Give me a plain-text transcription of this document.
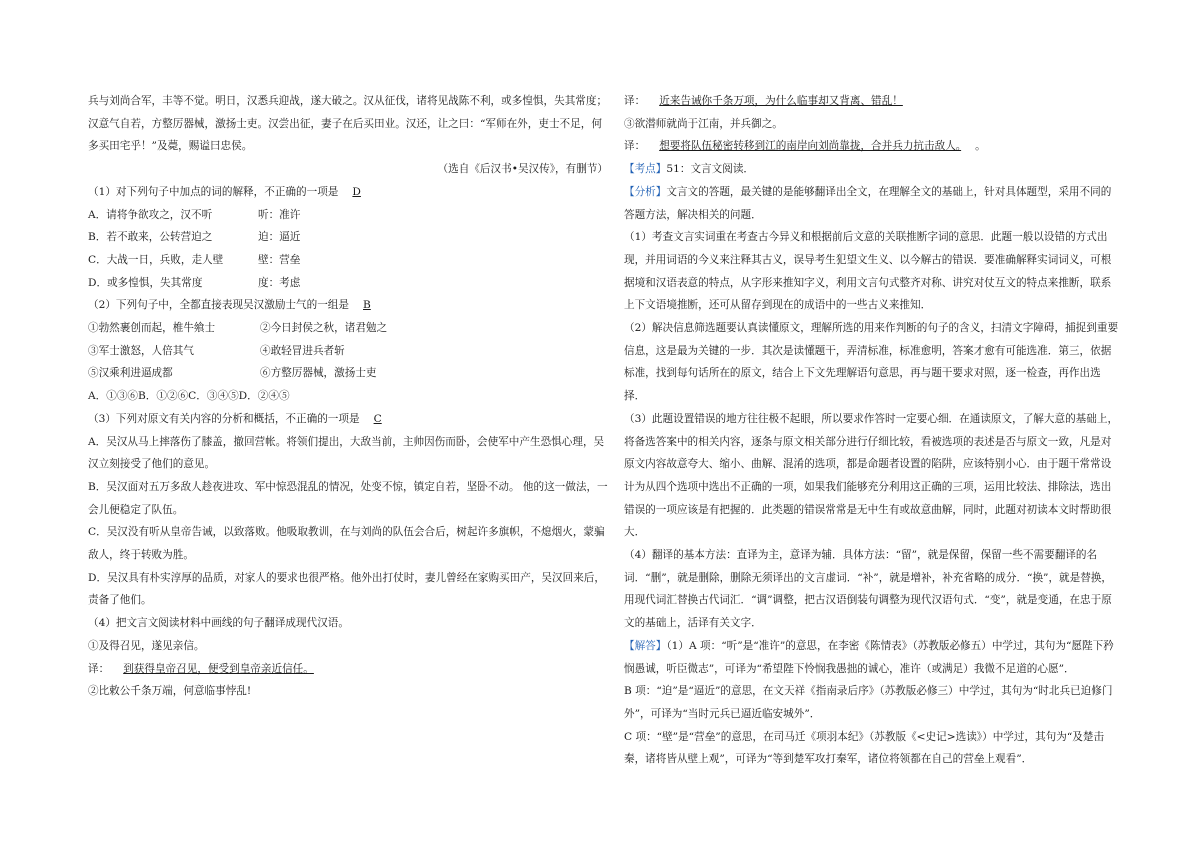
兵与刘尚合军，丰等不觉。明日，汉悉兵迎战，遂大破之。汉从征伐，诸将见战陈不利，或多惶惧，失其常度；汉意气自若，方整厉器械，激扬士吏。汉尝出征，妻子在后买田业。汉还，让之曰：“军师在外，吏士不足，何多买田宅乎！”及薨，赐谥曰忠侯。

（选自《后汉书•吴汉传》，有删节）
（1）对下列句子中加点的词的解释，不正确的一项是 D
A．请将争欲攻之，汉不听	听：准许
B．若不敢来，公转营迫之	迫：逼近
C．大战一日，兵败，走人壁	壁：营垒
D．或多惶惧，失其常度	度：考虑
（2）下列句子中，全都直接表现吴汉激励士气的一组是 B
①勃然裹创而起，椎牛飨士	②今日封侯之秋，诸君勉之
③军士激怒，人倍其气	④敢轻冒进兵者斩
⑤汉乘利进逼成都	⑥方整厉器械，激扬士吏
A．①③⑥B．①②⑥C．③④⑤D．②④⑤
（3）下列对原文有关内容的分析和概括，不正确的一项是 C
A．吴汉从马上摔落伤了膝盖，撤回营帐。将领们提出，大敌当前，主帅因伤而卧，会使军中产生恐惧心理，吴汉立刻接受了他们的意见。
B．吴汉面对五万多敌人趁夜进攻、军中惊恐混乱的情况，处变不惊，镇定自若，坚卧不动。 他的这一做法，一会儿便稳定了队伍。
C．吴汉没有听从皇帝告诫，以致落败。他吸取教训，在与刘尚的队伍会合后，树起许多旗帜，不熄烟火，蒙骗敌人，终于转败为胜。
D．吴汉具有朴实淳厚的品质，对家人的要求也很严格。他外出打仗时，妻儿曾经在家购买田产，吴汉回来后，责备了他们。
（4）把文言文阅读材料中画线的句子翻译成现代汉语。
①及得召见，遂见亲信。
译： 到获得皇帝召见，便受到皇帝亲近信任。
②比敕公千条万端，何意临事悖乱!
译： 近来告诫你千条万项，为什么临事却又背离、错乱！
③欲潜师就尚于江南，并兵御之。
译： 想要将队伍秘密转移到江的南岸向刘尚靠拢，合并兵力抗击敌人。 。
【考点】51：文言文阅读．
【分析】文言文的答题，最关键的是能够翻译出全文，在理解全文的基础上，针对具体题型，采用不同的答题方法，解决相关的问题．
（1）考查文言实词重在考查古今异义和根据前后文意的关联推断字词的意思．此题一般以设错的方式出现，并用词语的今义来注释其古义，误导考生犯望文生义、以今解古的错误．要准确解释实词词义，可根据境和汉语表意的特点，从字形来推知字义，利用文言句式整齐对称、讲究对仗互文的特点来推断，联系上下文语境推断，还可从留存到现在的成语中的一些古义来推知．
（2）解决信息筛选题要认真读懂原文，理解所选的用来作判断的句子的含义，扫清文字障碍，捕捉到重要信息，这是最为关键的一步．其次是读懂题干，弄清标准，标准愈明，答案才愈有可能选准．第三，依据标准，找到每句话所在的原文，结合上下文先理解语句意思，再与题干要求对照，逐一检查，再作出选择．
（3）此题设置错误的地方往往极不起眼，所以要求作答时一定要心细．在通读原文，了解大意的基础上，将备选答案中的相关内容，逐条与原文相关部分进行仔细比较，看被选项的表述是否与原文一致，凡是对原文内容故意夸大、缩小、曲解、混淆的选项，都是命题者设置的陷阱，应该特别小心．由于题干常常设计为从四个选项中选出不正确的一项，如果我们能够充分利用这正确的三项，运用比较法、排除法，选出错误的一项应该是有把握的．此类题的错误常常是无中生有或故意曲解，同时，此题对初读本文时帮助很大．
（4）翻译的基本方法：直译为主，意译为辅．具体方法：“留”，就是保留，保留一些不需要翻译的名词．“删”，就是删除，删除无须译出的文言虚词．“补”，就是增补，补充省略的成分．“换”，就是替换，用现代词汇替换古代词汇．“调”调整，把古汉语倒装句调整为现代汉语句式．“变”，就是变通，在忠于原文的基础上，活译有关文字．
【解答】（1）A 项：“听”是“准许”的意思，在李密《陈情表》（苏教版必修五）中学过，其句为“愿陛下矜悯愚诚，听臣微志”，可译为“希望陛下怜悯我愚拙的诚心，准许（或满足）我微不足道的心愿”．
B 项：“迫”是“逼近”的意思，在文天祥《指南录后序》（苏教版必修三）中学过，其句为“时北兵已迫修门外”，可译为“当时元兵已逼近临安城外”．
C 项：“壁”是“营垒”的意思，在司马迁《项羽本纪》（苏教版《<史记>选读》）中学过，其句为“及楚击秦，诸将皆从壁上观”，可译为“等到楚军攻打秦军，诸位将领都在自己的营垒上观看”．
